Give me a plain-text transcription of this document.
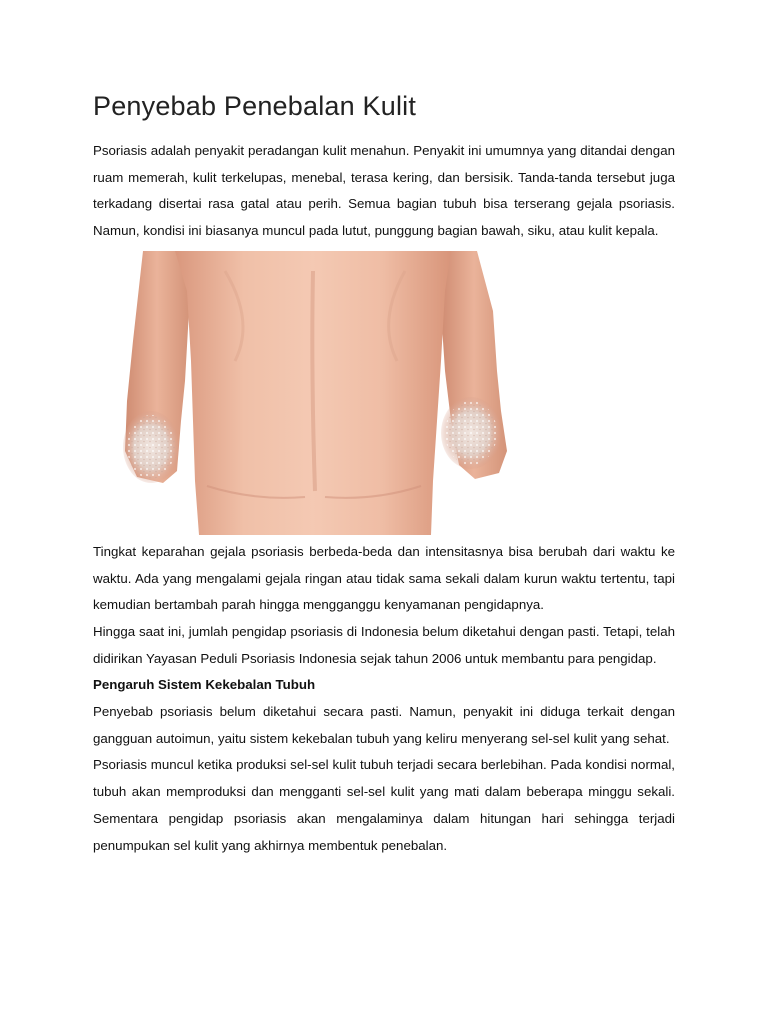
Penyebab Penebalan Kulit

Psoriasis adalah penyakit peradangan kulit menahun. Penyakit ini umumnya yang ditandai dengan ruam memerah, kulit terkelupas, menebal, terasa kering, dan bersisik. Tanda-tanda tersebut juga terkadang disertai rasa gatal atau perih. Semua bagian tubuh bisa terserang gejala psoriasis. Namun, kondisi ini biasanya muncul pada lutut, punggung bagian bawah, siku, atau kulit kepala.

Tingkat keparahan gejala psoriasis berbeda-beda dan intensitasnya bisa berubah dari waktu ke waktu. Ada yang mengalami gejala ringan atau tidak sama sekali dalam kurun waktu tertentu, tapi kemudian bertambah parah hingga mengganggu kenyamanan pengidapnya.

Hingga saat ini, jumlah pengidap psoriasis di Indonesia belum diketahui dengan pasti. Tetapi, telah didirikan Yayasan Peduli Psoriasis Indonesia sejak tahun 2006 untuk membantu para pengidap.

Pengaruh Sistem Kekebalan Tubuh

Penyebab psoriasis belum diketahui secara pasti. Namun, penyakit ini diduga terkait dengan gangguan autoimun, yaitu sistem kekebalan tubuh yang keliru menyerang sel-sel kulit yang sehat.

Psoriasis muncul ketika produksi sel-sel kulit tubuh terjadi secara berlebihan. Pada kondisi normal, tubuh akan memproduksi dan mengganti sel-sel kulit yang mati dalam beberapa minggu sekali. Sementara pengidap psoriasis akan mengalaminya dalam hitungan hari sehingga terjadi penumpukan sel kulit yang akhirnya membentuk penebalan.
